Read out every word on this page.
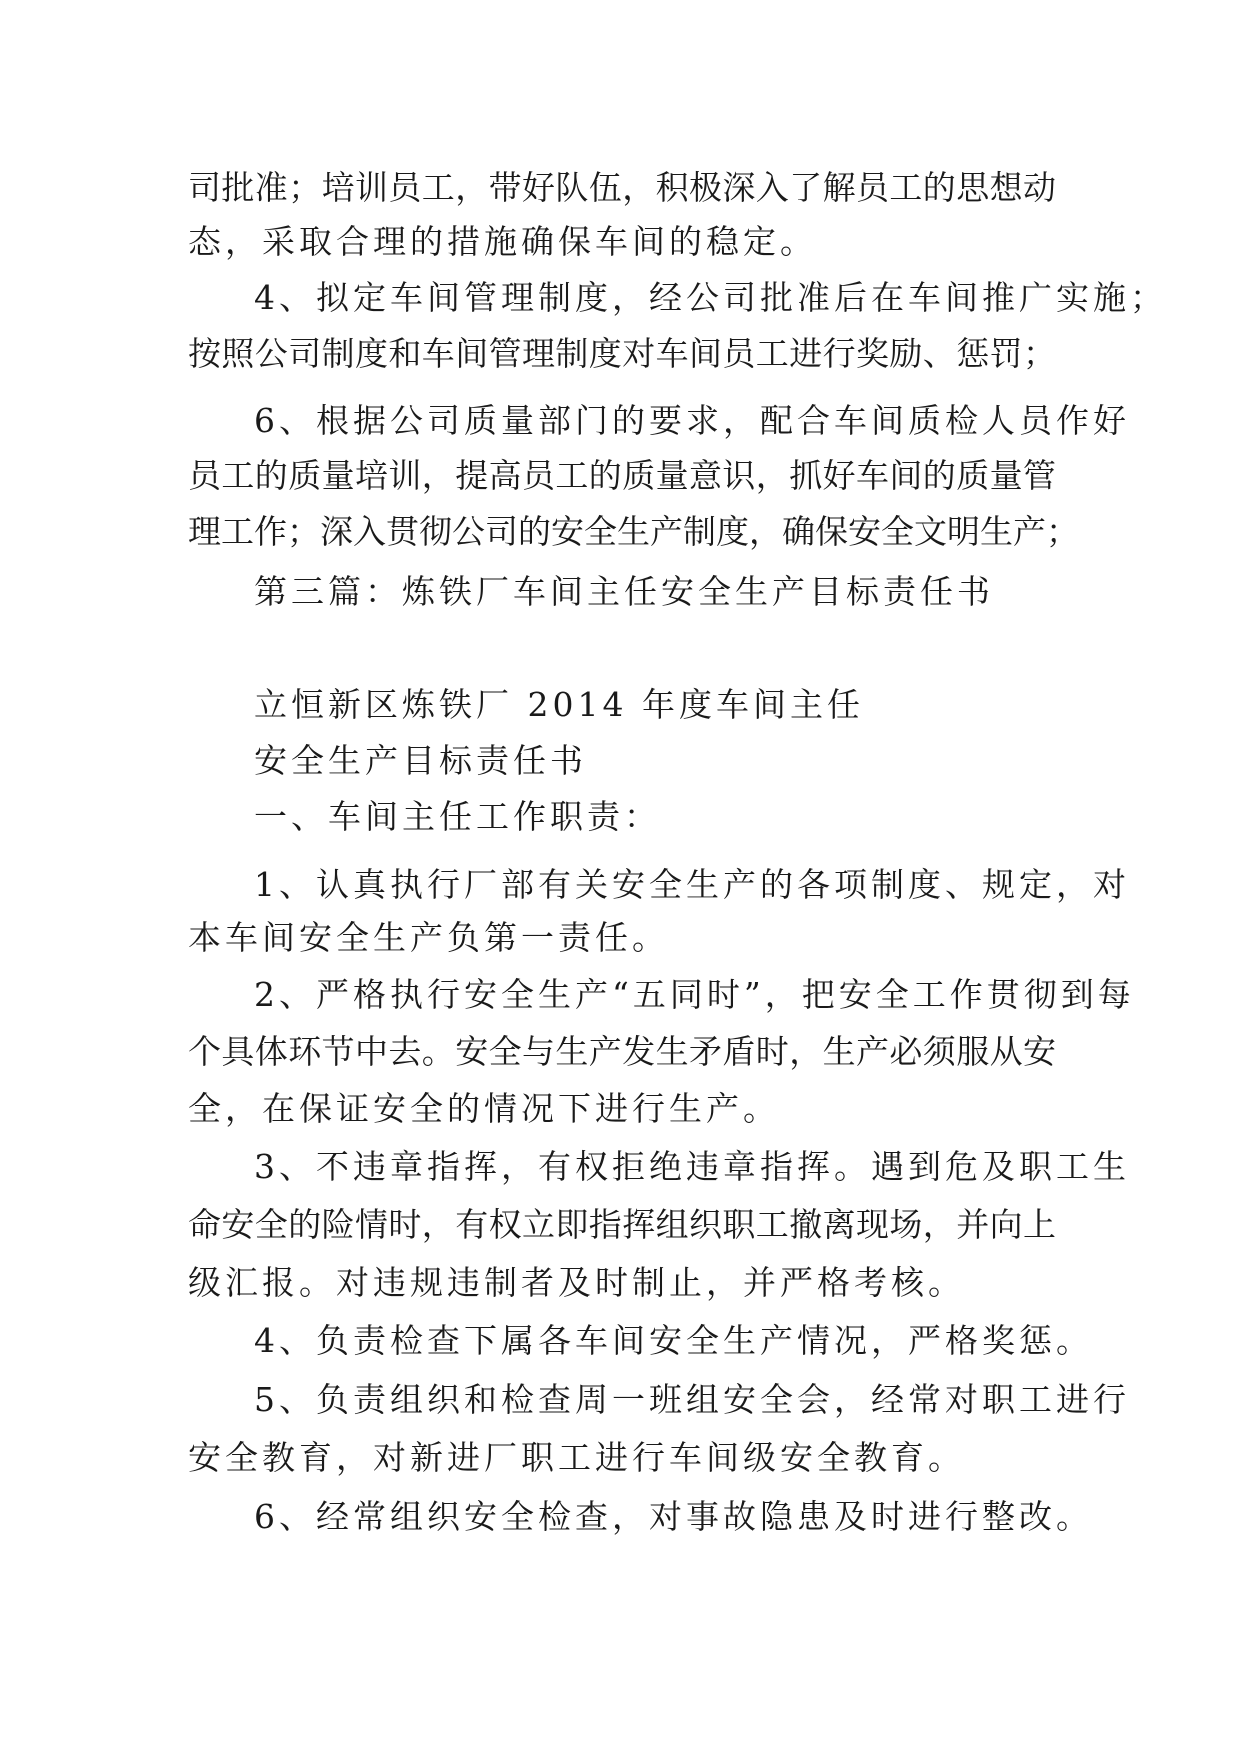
司批准；培训员工，带好队伍，积极深入了解员工的思想动
态，采取合理的措施确保车间的稳定。
4、拟定车间管理制度，经公司批准后在车间推广实施；
按照公司制度和车间管理制度对车间员工进行奖励、惩罚；
6、根据公司质量部门的要求，配合车间质检人员作好
员工的质量培训，提高员工的质量意识，抓好车间的质量管
理工作；深入贯彻公司的安全生产制度，确保安全文明生产；
第三篇：炼铁厂车间主任安全生产目标责任书
立恒新区炼铁厂 2014 年度车间主任
安全生产目标责任书
一、车间主任工作职责：
1、认真执行厂部有关安全生产的各项制度、规定，对
本车间安全生产负第一责任。
2、严格执行安全生产“五同时”，把安全工作贯彻到每
个具体环节中去。安全与生产发生矛盾时，生产必须服从安
全，在保证安全的情况下进行生产。
3、不违章指挥，有权拒绝违章指挥。遇到危及职工生
命安全的险情时，有权立即指挥组织职工撤离现场，并向上
级汇报。对违规违制者及时制止，并严格考核。
4、负责检查下属各车间安全生产情况，严格奖惩。
5、负责组织和检查周一班组安全会，经常对职工进行
安全教育，对新进厂职工进行车间级安全教育。
6、经常组织安全检查，对事故隐患及时进行整改。
